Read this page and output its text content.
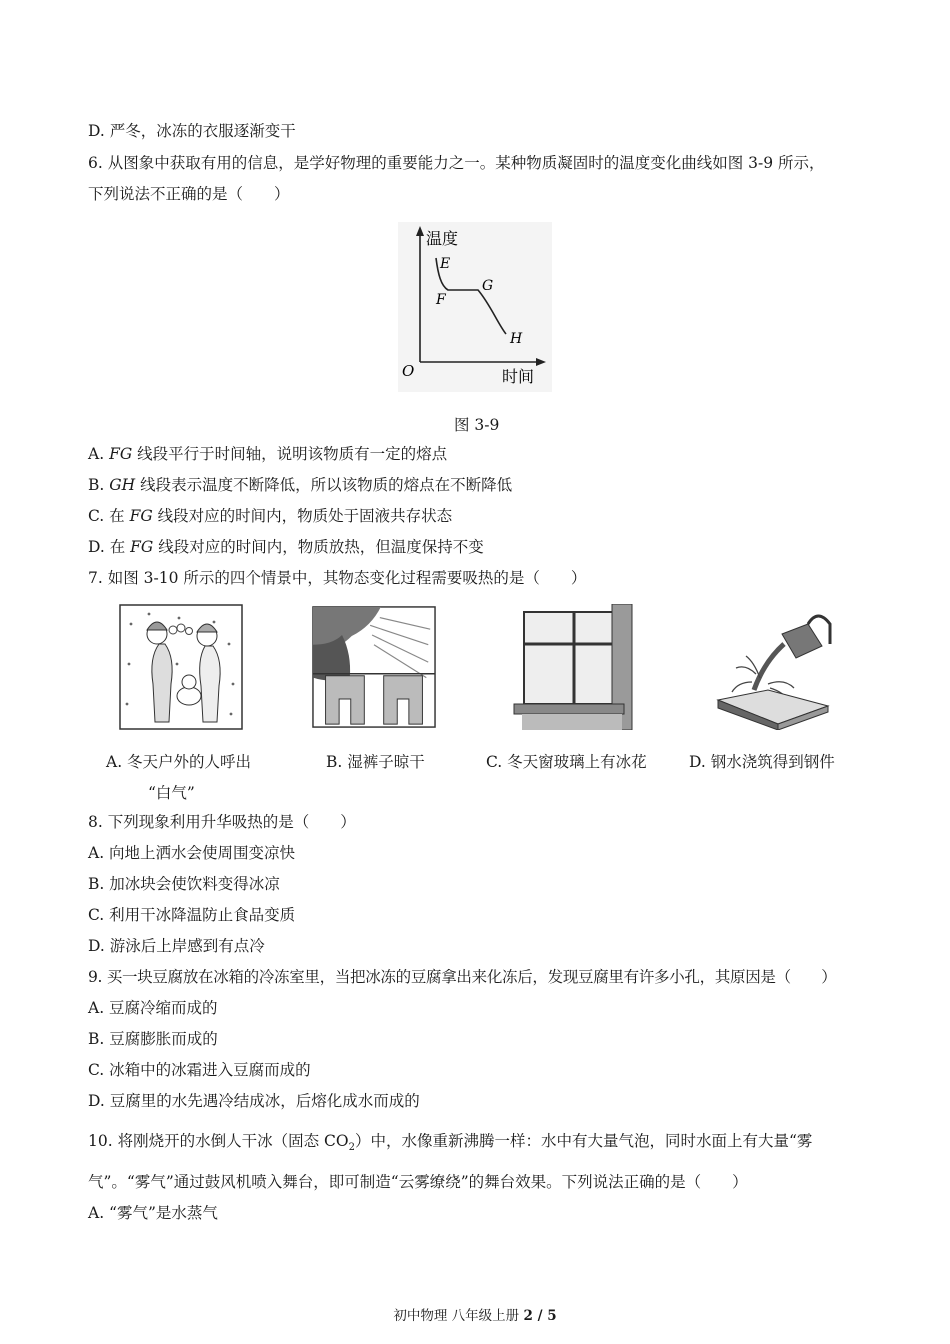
D. 严冬，冰冻的衣服逐渐变干
6. 从图象中获取有用的信息，是学好物理的重要能力之一。某种物质凝固时的温度变化曲线如图 3-9 所示，
下列说法不正确的是（　　）
温度
时间
O
E
F
G
H
图 3-9
A. FG 线段平行于时间轴，说明该物质有一定的熔点
B. GH 线段表示温度不断降低，所以该物质的熔点在不断降低
C. 在 FG 线段对应的时间内，物质处于固液共存状态
D. 在 FG 线段对应的时间内，物质放热，但温度保持不变
7. 如图 3-10 所示的四个情景中，其物态变化过程需要吸热的是（　　）
A. 冬天户外的人呼出
“白气”
B. 湿裤子晾干	C. 冬天窗玻璃上有冰花	D. 钢水浇筑得到钢件
8. 下列现象利用升华吸热的是（　　）
A. 向地上洒水会使周围变凉快
B. 加冰块会使饮料变得冰凉
C. 利用干冰降温防止食品变质
D. 游泳后上岸感到有点冷
9. 买一块豆腐放在冰箱的冷冻室里，当把冰冻的豆腐拿出来化冻后，发现豆腐里有许多小孔，其原因是（　　）
A. 豆腐冷缩而成的
B. 豆腐膨胀而成的
C. 冰箱中的冰霜进入豆腐而成的
D. 豆腐里的水先遇冷结成冰，后熔化成水而成的
10. 将刚烧开的水倒人干冰（固态 $CO_2$）中，水像重新沸腾一样：水中有大量气泡，同时水面上有大量“雾
气”。“雾气”通过鼓风机喷入舞台，即可制造“云雾缭绕”的舞台效果。下列说法正确的是（　　）
A. “雾气”是水蒸气
初中物理 八年级上册 2 / 5
